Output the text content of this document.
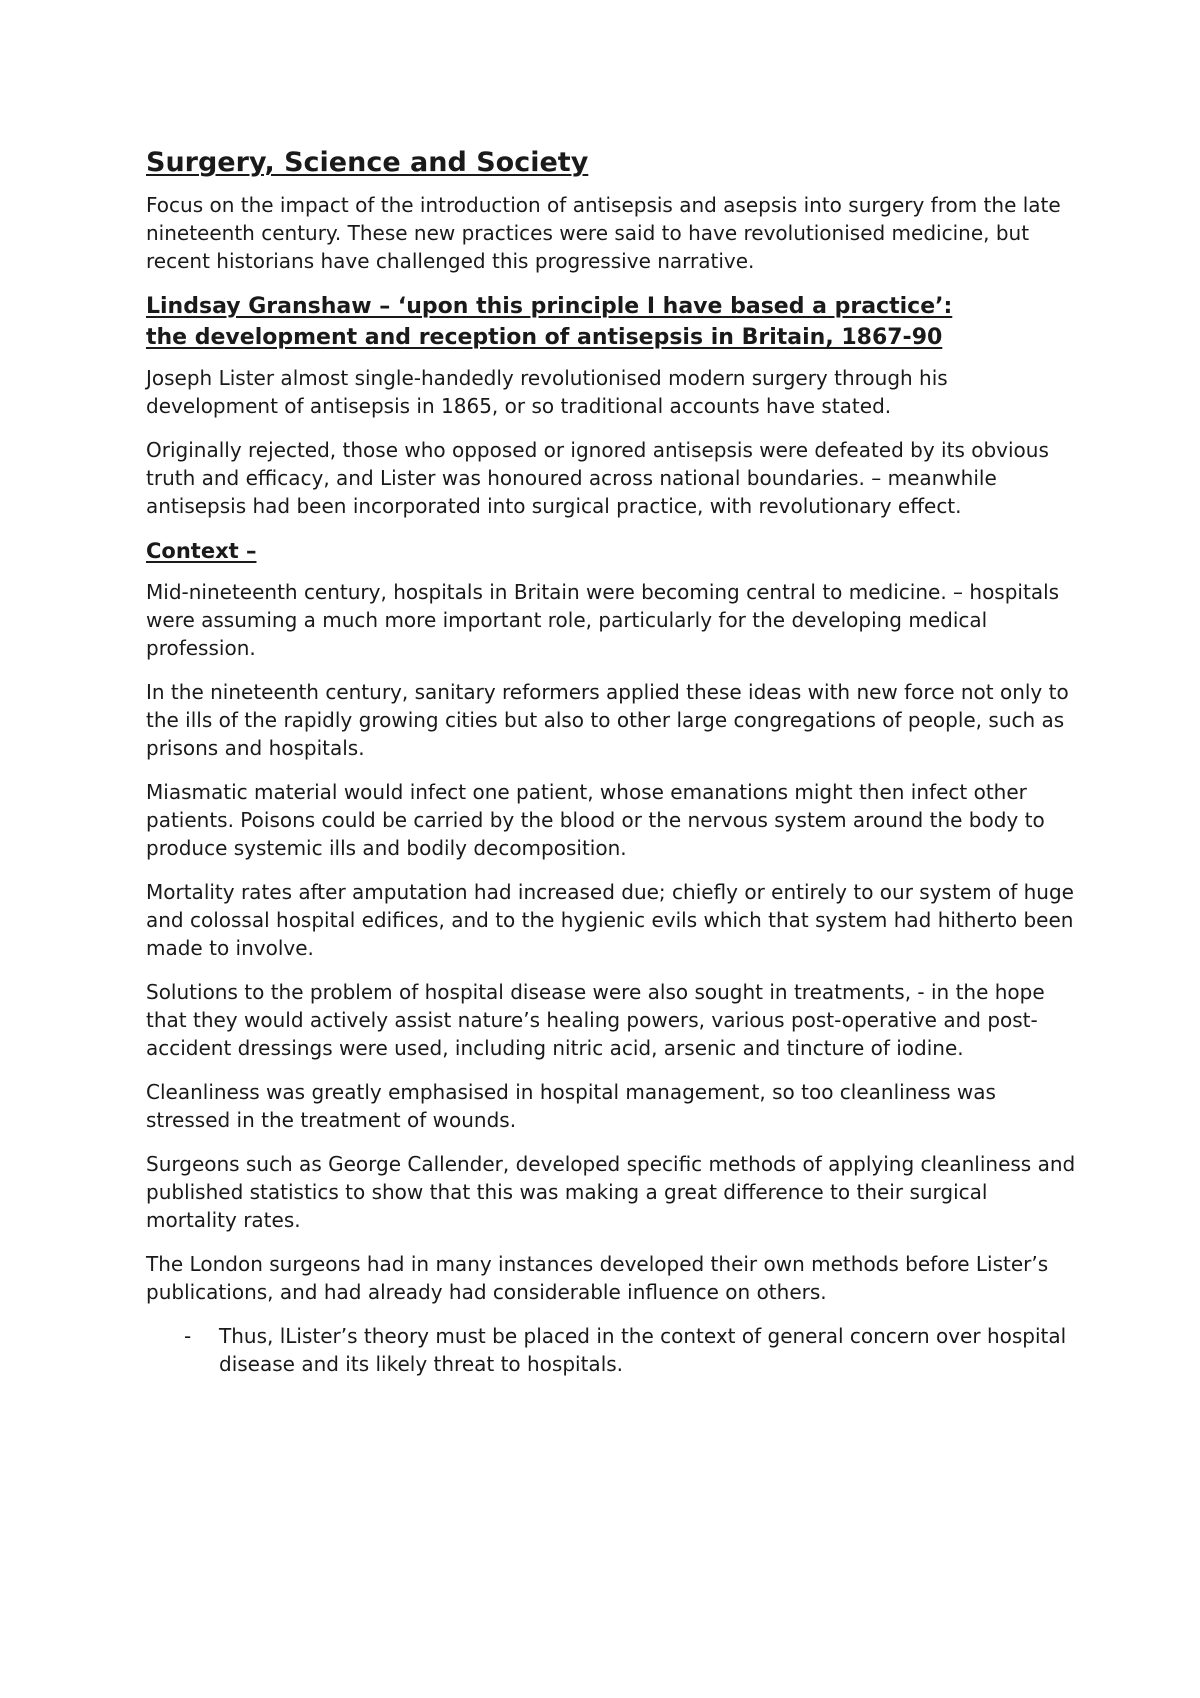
Surgery, Science and Society

Focus on the impact of the introduction of antisepsis and asepsis into surgery from the late nineteenth century. These new practices were said to have revolutionised medicine, but recent historians have challenged this progressive narrative.

Lindsay Granshaw – ‘upon this principle I have based a practice’:
the development and reception of antisepsis in Britain, 1867-90

Joseph Lister almost single-handedly revolutionised modern surgery through his development of antisepsis in 1865, or so traditional accounts have stated.

Originally rejected, those who opposed or ignored antisepsis were defeated by its obvious truth and efficacy, and Lister was honoured across national boundaries. – meanwhile antisepsis had been incorporated into surgical practice, with revolutionary effect.

Context –

Mid-nineteenth century, hospitals in Britain were becoming central to medicine. – hospitals were assuming a much more important role, particularly for the developing medical profession.

In the nineteenth century, sanitary reformers applied these ideas with new force not only to the ills of the rapidly growing cities but also to other large congregations of people, such as prisons and hospitals.

Miasmatic material would infect one patient, whose emanations might then infect other patients. Poisons could be carried by the blood or the nervous system around the body to produce systemic ills and bodily decomposition.

Mortality rates after amputation had increased due; chiefly or entirely to our system of huge and colossal hospital edifices, and to the hygienic evils which that system had hitherto been made to involve.

Solutions to the problem of hospital disease were also sought in treatments, - in the hope that they would actively assist nature’s healing powers, various post-operative and post-accident dressings were used, including nitric acid, arsenic and tincture of iodine.

Cleanliness was greatly emphasised in hospital management, so too cleanliness was stressed in the treatment of wounds.

Surgeons such as George Callender, developed specific methods of applying cleanliness and published statistics to show that this was making a great difference to their surgical mortality rates.

The London surgeons had in many instances developed their own methods before Lister’s publications, and had already had considerable influence on others.

- Thus, lLister’s theory must be placed in the context of general concern over hospital disease and its likely threat to hospitals.
